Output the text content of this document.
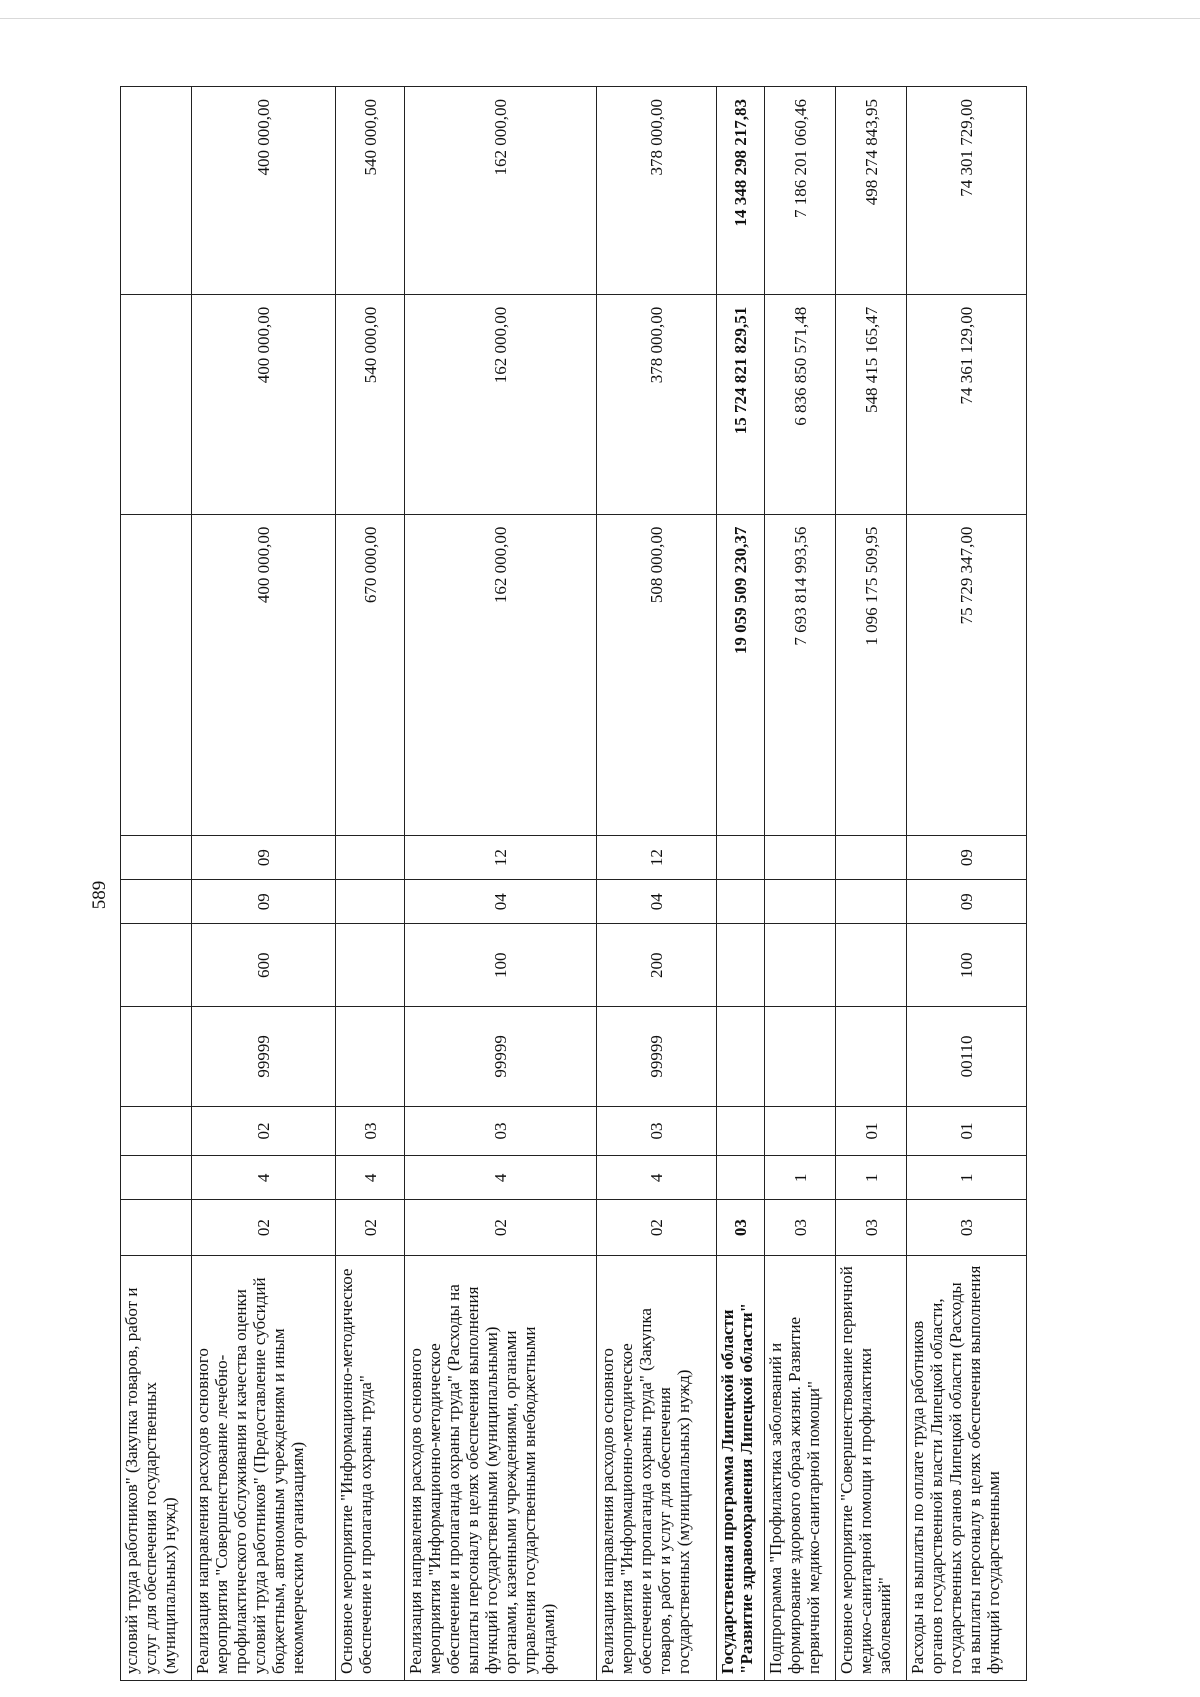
589
условий труда работников" (Закупка товаров, работ и услуг для обеспечения государственных (муниципальных) нужд)										
Реализация направления расходов основного мероприятия "Совершенствование лечебно-профилактического обслуживания и качества оценки условий труда работников" (Предоставление субсидий бюджетным, автономным учреждениям и иным некоммерческим организациям)	02	4	02	99999	600	09	09	400 000,00	400 000,00	400 000,00
Основное мероприятие "Информационно-методическое обеспечение и пропаганда охраны труда"	02	4	03					670 000,00	540 000,00	540 000,00
Реализация направления расходов основного мероприятия "Информационно-методическое обеспечение и пропаганда охраны труда" (Расходы на выплаты персоналу в целях обеспечения выполнения функций государственными (муниципальными) органами, казенными учреждениями, органами управления государственными внебюджетными фондами)	02	4	03	99999	100	04	12	162 000,00	162 000,00	162 000,00
Реализация направления расходов основного мероприятия "Информационно-методическое обеспечение и пропаганда охраны труда" (Закупка товаров, работ и услуг для обеспечения государственных (муниципальных) нужд)	02	4	03	99999	200	04	12	508 000,00	378 000,00	378 000,00
Государственная программа Липецкой области "Развитие здравоохранения Липецкой области"	03							19 059 509 230,37	15 724 821 829,51	14 348 298 217,83
Подпрограмма "Профилактика заболеваний и формирование здорового образа жизни. Развитие первичной медико-санитарной помощи"	03	1						7 693 814 993,56	6 836 850 571,48	7 186 201 060,46
Основное мероприятие "Совершенствование первичной медико-санитарной помощи и профилактики заболеваний"	03	1	01					1 096 175 509,95	548 415 165,47	498 274 843,95
Расходы на выплаты по оплате труда работников органов государственной власти Липецкой области, государственных органов Липецкой области (Расходы на выплаты персоналу в целях обеспечения выполнения функций государственными	03	1	01	00110	100	09	09	75 729 347,00	74 361 129,00	74 301 729,00
